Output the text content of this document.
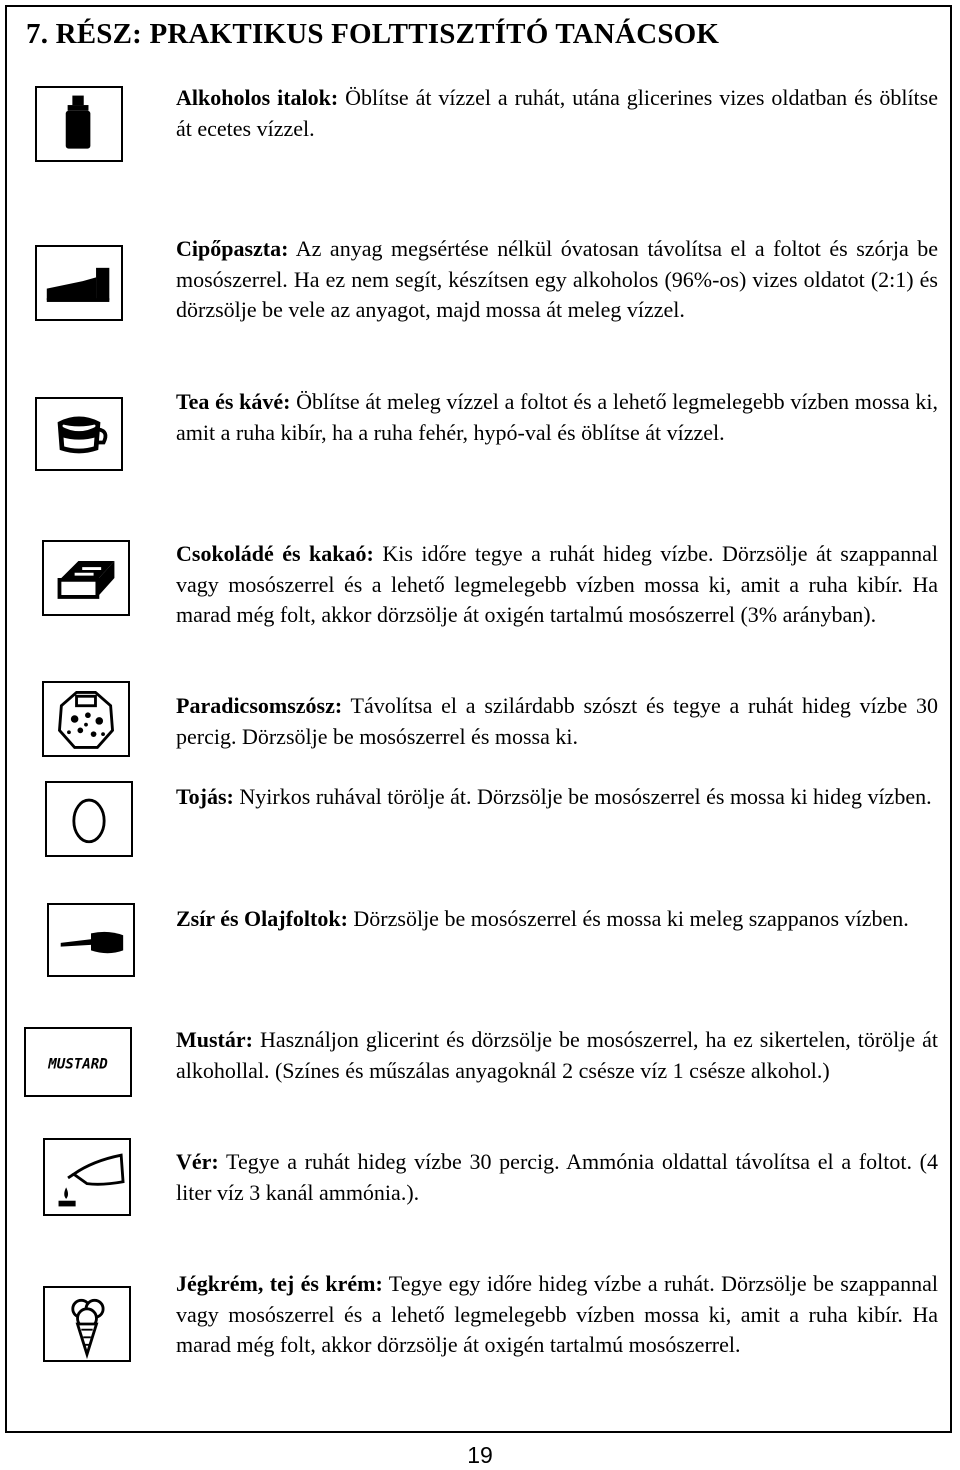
7. RÉSZ: PRAKTIKUS FOLTTISZTÍTÓ TANÁCSOK
MUSTARD

Alkoholos italok: Öblítse át vízzel a ruhát, utána glicerines vizes oldatban és öblítse át ecetes vízzel.

Cipőpaszta: Az anyag megsértése nélkül óvatosan távolítsa el a foltot és szórja be mosószerrel. Ha ez nem segít, készítsen egy alkoholos (96%-os) vizes oldatot (2:1) és dörzsölje be vele az anyagot, majd mossa át meleg vízzel.

Tea és kávé: Öblítse át meleg vízzel a foltot és a lehető legmelegebb vízben mossa ki, amit a ruha kibír, ha a ruha fehér, hypó-val és öblítse át vízzel.

Csokoládé és kakaó: Kis időre tegye a ruhát hideg vízbe. Dörzsölje át szappannal vagy mosószerrel és a lehető legmelegebb vízben mossa ki, amit a ruha kibír. Ha marad még folt, akkor dörzsölje át oxigén tartalmú mosószerrel (3% arányban).

Paradicsomszósz: Távolítsa el a szilárdabb szószt és tegye a ruhát hideg vízbe 30 percig. Dörzsölje be mosószerrel és mossa ki.

Tojás: Nyirkos ruhával törölje át. Dörzsölje be mosószerrel és mossa ki hideg vízben.

Zsír és Olajfoltok: Dörzsölje be mosószerrel és mossa ki meleg szappanos vízben.

Mustár: Használjon glicerint és dörzsölje be mosószerrel, ha ez sikertelen, törölje át alkohollal. (Színes és műszálas anyagoknál 2 csésze víz 1 csésze alkohol.)

Vér: Tegye a ruhát hideg vízbe 30 percig. Ammónia oldattal távolítsa el a foltot. (4 liter víz 3 kanál ammónia.).

Jégkrém, tej és krém: Tegye egy időre hideg vízbe a ruhát. Dörzsölje be szappannal vagy mosószerrel és a lehető legmelegebb vízben mossa ki, amit a ruha kibír. Ha marad még folt, akkor dörzsölje át oxigén tartalmú mosószerrel.

19
